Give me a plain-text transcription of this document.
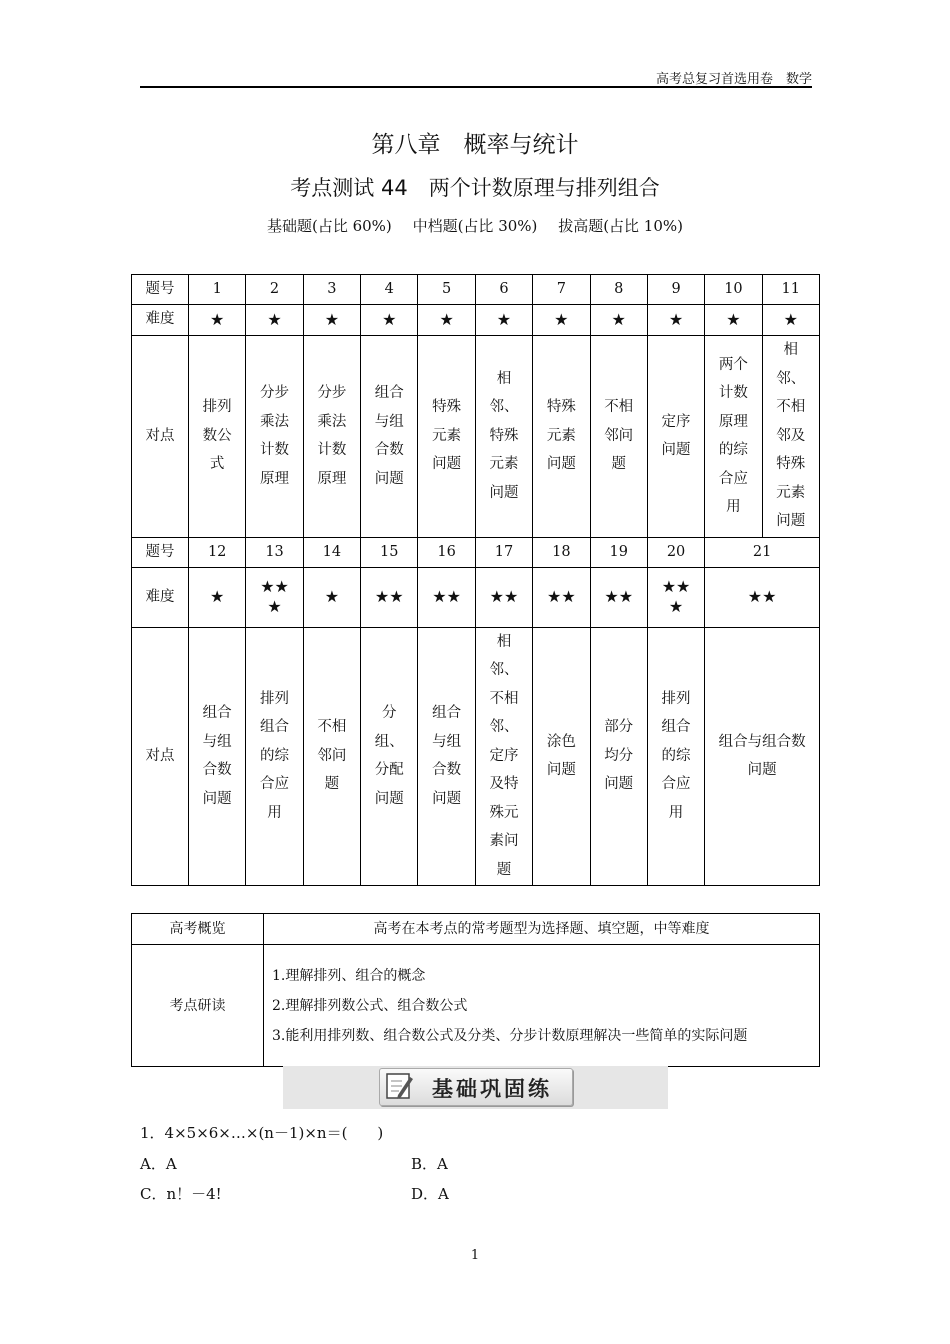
高考总复习首选用卷　数学
第八章　概率与统计
考点测试 44　两个计数原理与排列组合
基础题(占比 60%) 中档题(占比 30%) 拔高题(占比 10%)
题号	1	2	3	4	5	6	7	8	9	10	11
难度	★	★	★	★	★	★	★	★	★	★	★
对点	排列数公式	分步乘法计数原理	分步乘法计数原理	组合与组合数问题	特殊元素问题	相邻、特殊元素问题	特殊元素问题	不相邻问题	定序问题	两个计数原理的综合应用	相邻、不相邻及特殊元素问题
题号	12	13	14	15	16	17	18	19	20	21
难度	★	★★★	★	★★	★★	★★	★★	★★	★★★	★★
对点	组合与组合数问题	排列组合的综合应用	不相邻问题	分组、分配问题	组合与组合数问题	相邻、不相邻、定序及特殊元素问题	涂色问题	部分均分问题	排列组合的综合应用	组合与组合数问题
高考概览	高考在本考点的常考题型为选择题、填空题，中等难度
考点研读	1.理解排列、组合的概念
2.理解排列数公式、组合数公式
3.能利用排列数、组合数公式及分类、分步计数原理解决一些简单的实际问题
基础巩固练
1．4×5×6×…×(n－1)×n＝(　　)
A．A	B．A
C．n！－4!	D．A
1
